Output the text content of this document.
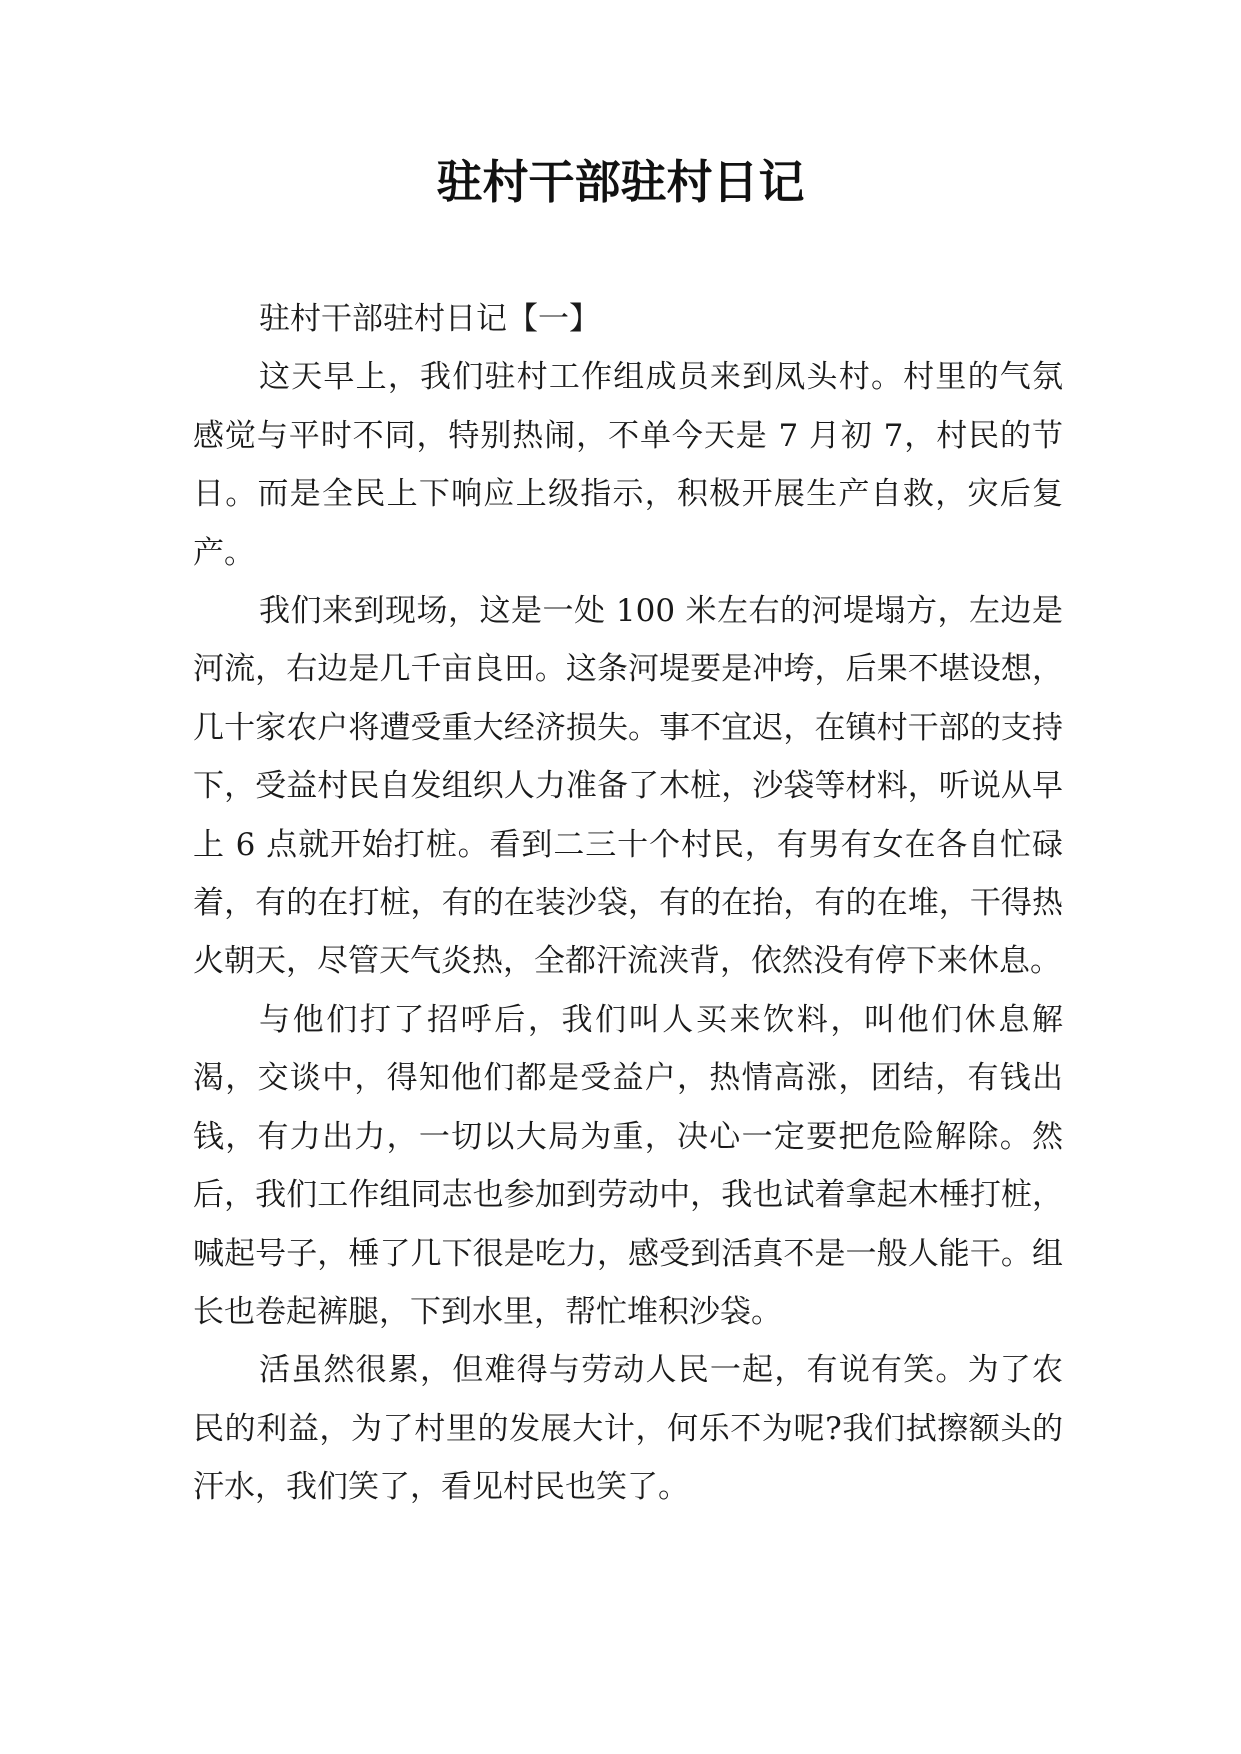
驻村干部驻村日记

驻村干部驻村日记【一】

这天早上，我们驻村工作组成员来到凤头村。村里的气氛感觉与平时不同，特别热闹，不单今天是 7 月初 7，村民的节日。而是全民上下响应上级指示，积极开展生产自救，灾后复产。

我们来到现场，这是一处 100 米左右的河堤塌方，左边是河流，右边是几千亩良田。这条河堤要是冲垮，后果不堪设想，几十家农户将遭受重大经济损失。事不宜迟，在镇村干部的支持下，受益村民自发组织人力准备了木桩，沙袋等材料，听说从早上 6 点就开始打桩。看到二三十个村民，有男有女在各自忙碌着，有的在打桩，有的在装沙袋，有的在抬，有的在堆，干得热火朝天，尽管天气炎热，全都汗流浃背，依然没有停下来休息。

与他们打了招呼后，我们叫人买来饮料，叫他们休息解渴，交谈中，得知他们都是受益户，热情高涨，团结，有钱出钱，有力出力，一切以大局为重，决心一定要把危险解除。然后，我们工作组同志也参加到劳动中，我也试着拿起木棰打桩，喊起号子，棰了几下很是吃力，感受到活真不是一般人能干。组长也卷起裤腿，下到水里，帮忙堆积沙袋。

活虽然很累，但难得与劳动人民一起，有说有笑。为了农民的利益，为了村里的发展大计，何乐不为呢?我们拭擦额头的汗水，我们笑了，看见村民也笑了。
